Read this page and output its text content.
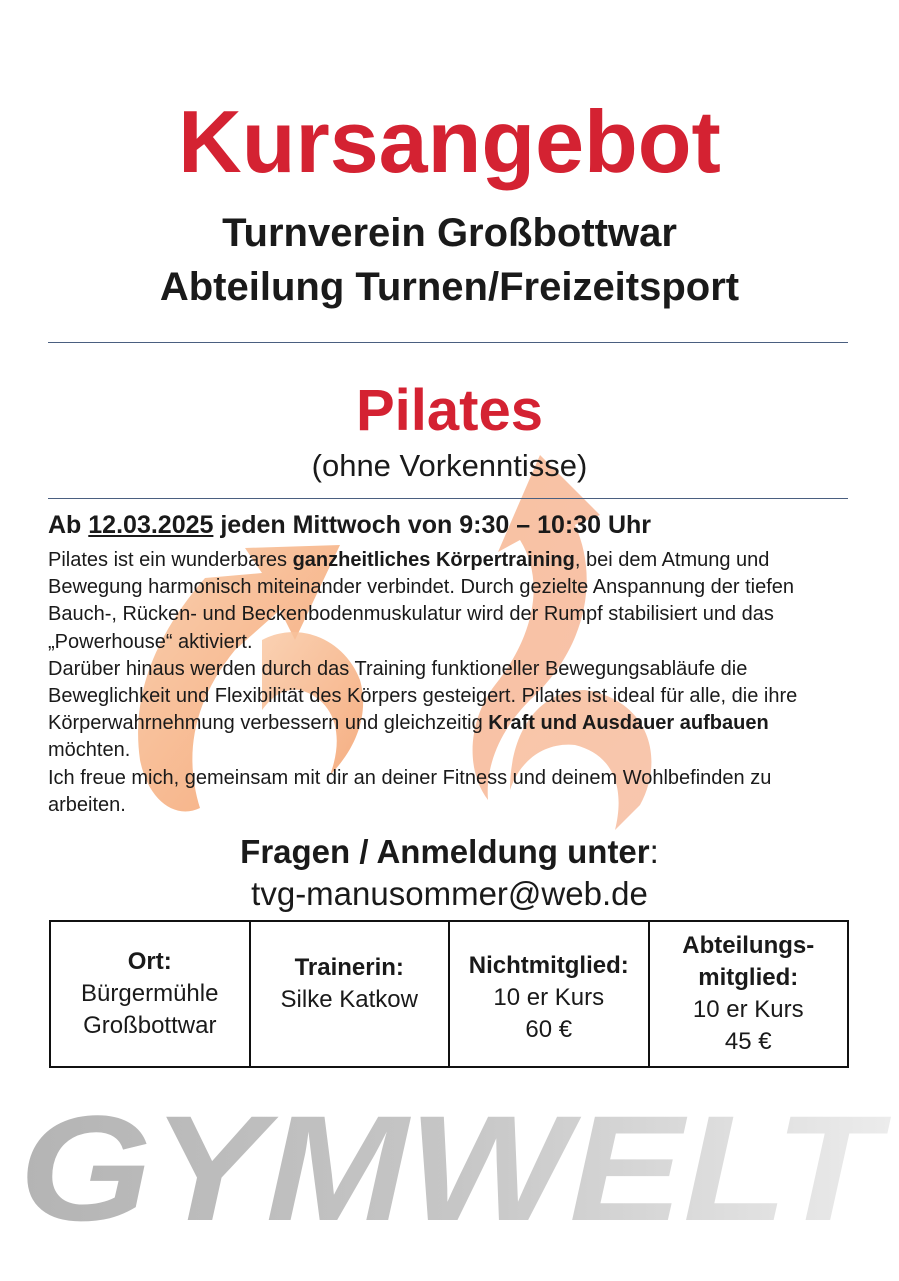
GYMWELT
Kursangebot
Turnverein Großbottwar
Abteilung Turnen/Freizeitsport
Pilates
(ohne Vorkenntisse)
Ab 12.03.2025 jeden Mittwoch von 9:30 – 10:30 Uhr

Pilates ist ein wunderbares ganzheitliches Körpertraining, bei dem Atmung und Bewegung harmonisch miteinander verbindet. Durch gezielte Anspannung der tiefen Bauch-, Rücken- und Beckenbodenmuskulatur wird der Rumpf stabilisiert und das „Powerhouse“ aktiviert.

Darüber hinaus werden durch das Training funktioneller Bewegungsabläufe die Beweglichkeit und Flexibilität des Körpers gesteigert. Pilates ist ideal für alle, die ihre Körperwahrnehmung verbessern und gleichzeitig Kraft und Ausdauer aufbauen möchten.

Ich freue mich, gemeinsam mit dir an deiner Fitness und deinem Wohlbefinden zu arbeiten.

Fragen / Anmeldung unter:
tvg-manusommer@web.de
Ort:
Bürgermühle
Großbottwar	Trainerin:
Silke Katkow	Nichtmitglied:
10 er Kurs
60 €	Abteilungs-
mitglied:
10 er Kurs
45 €
